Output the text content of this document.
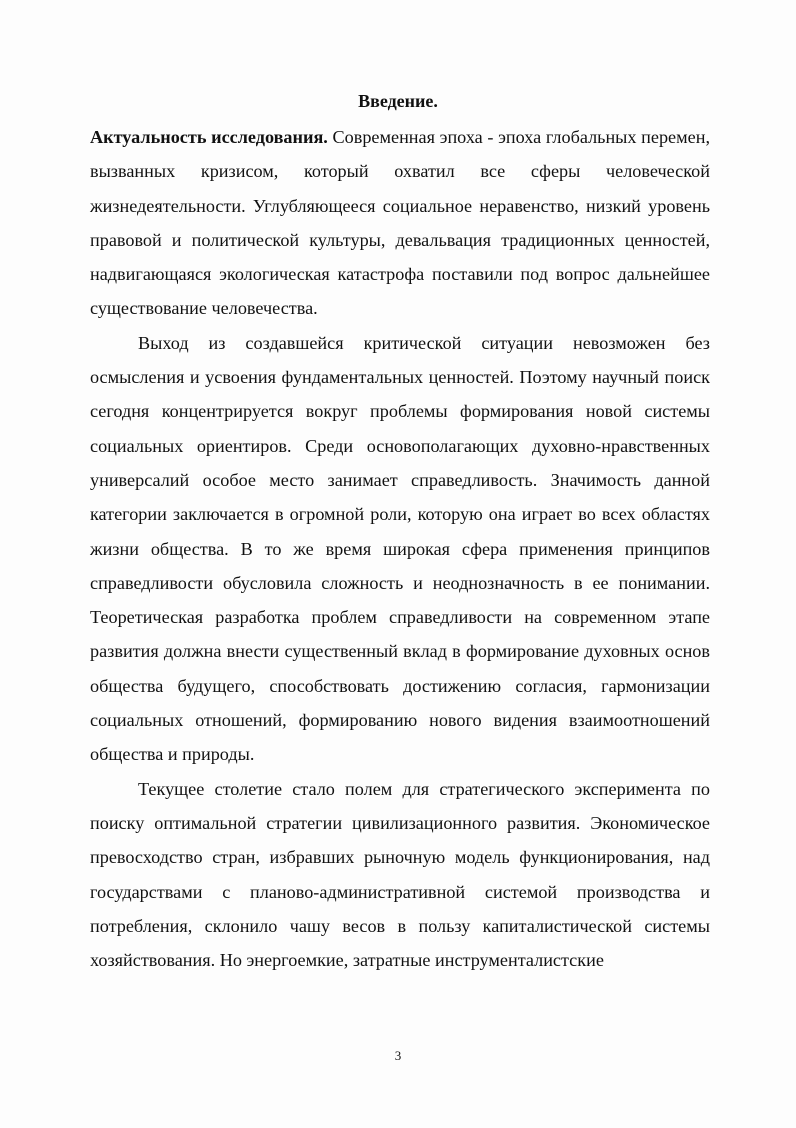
Введение.

Актуальность исследования. Современная эпоха - эпоха глобальных перемен, вызванных кризисом, который охватил все сферы человеческой жизнедеятельности. Углубляющееся социальное неравенство, низкий уровень правовой и политической культуры, девальвация традиционных ценностей, надвигающаяся экологическая катастрофа поставили под вопрос дальнейшее существование человечества.

Выход из создавшейся критической ситуации невозможен без осмысления и усвоения фундаментальных ценностей. Поэтому научный поиск сегодня концентрируется вокруг проблемы формирования новой системы социальных ориентиров. Среди основополагающих духовно-нравственных универсалий особое место занимает справедливость. Значимость данной категории заключается в огромной роли, которую она играет во всех областях жизни общества. В то же время широкая сфера применения принципов справедливости обусловила сложность и неоднозначность в ее понимании. Теоретическая разработка проблем справедливости на современном этапе развития должна внести существенный вклад в формирование духовных основ общества будущего, способствовать достижению согласия, гармонизации социальных отношений, формированию нового видения взаимоотношений общества и природы.

Текущее столетие стало полем для стратегического эксперимента по поиску оптимальной стратегии цивилизационного развития. Экономическое превосходство стран, избравших рыночную модель функционирования, над государствами с планово-административной системой производства и потребления, склонило чашу весов в пользу капиталистической системы хозяйствования. Но энергоемкие, затратные инструменталистские

3
